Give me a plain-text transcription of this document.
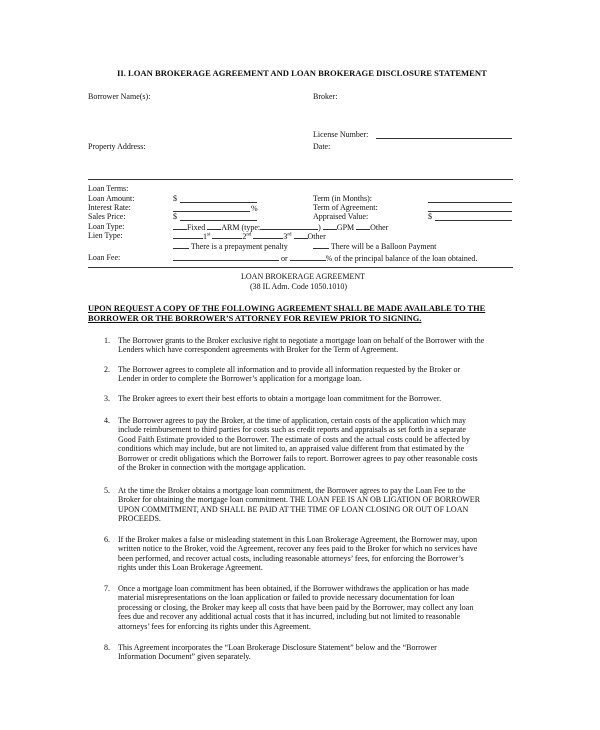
II. LOAN BROKERAGE AGREEMENT AND LOAN BROKERAGE DISCLOSURE STATEMENT
Borrower Name(s):	Broker:
License Number:
Property Address:	Date:
Loan Terms:
Loan Amount:	$	Term (in Months):
Interest Rate:	%	Term of Agreement:
Sales Price:	$	Appraised Value:	$
Loan Type:	Fixed ARM (type:	) GPM Other
Lien Type:	1st	2nd	3rd Other
There is a prepayment penalty	There will be a Balloon Payment
Loan Fee:	or	% of the principal balance of the loan obtained.
LOAN BROKERAGE AGREEMENT
(38 IL Adm. Code 1050.1010)
UPON REQUEST A COPY OF THE FOLLOWING AGREEMENT SHALL BE MADE AVAILABLE TO THE
BORROWER OR THE BORROWER’S ATTORNEY FOR REVIEW PRIOR TO SIGNING.
1. The Borrower grants to the Broker exclusive right to negotiate a mortgage loan on behalf of the Borrower with the
Lenders which have correspondent agreements with Broker for the Term of Agreement.
2. The Borrower agrees to complete all information and to provide all information requested by the Broker or
Lender in order to complete the Borrower’s application for a mortgage loan.
3. The Broker agrees to exert their best efforts to obtain a mortgage loan commitment for the Borrower.
4. The Borrower agrees to pay the Broker, at the time of application, certain costs of the application which may
include reimbursement to third parties for costs such as credit reports and appraisals as set forth in a separate
Good Faith Estimate provided to the Borrower. The estimate of costs and the actual costs could be affected by
conditions which may include, but are not limited to, an appraised value different from that estimated by the
Borrower or credit obligations which the Borrower fails to report. Borrower agrees to pay other reasonable costs
of the Broker in connection with the mortgage application.
5. At the time the Broker obtains a mortgage loan commitment, the Borrower agrees to pay the Loan Fee to the
Broker for obtaining the mortgage loan commitment. THE LOAN FEE IS AN OB LIGATION OF BORROWER
UPON COMMITMENT, AND SHALL BE PAID AT THE TIME OF LOAN CLOSING OR OUT OF LOAN
PROCEEDS.
6. If the Broker makes a false or misleading statement in this Loan Brokerage Agreement, the Borrower may, upon
written notice to the Broker, void the Agreement, recover any fees paid to the Broker for which no services have
been performed, and recover actual costs, including reasonable attorneys’ fees, for enforcing the Borrower’s
rights under this Loan Brokerage Agreement.
7. Once a mortgage loan commitment has been obtained, if the Borrower withdraws the application or has made
material misrepresentations on the loan application or failed to provide necessary documentation for loan
processing or closing, the Broker may keep all costs that have been paid by the Borrower, may collect any loan
fees due and recover any additional actual costs that it has incurred, including but not limited to reasonable
attorneys’ fees for enforcing its rights under this Agreement.
8. This Agreement incorporates the “Loan Brokerage Disclosure Statement” below and the “Borrower
Information Document” given separately.
